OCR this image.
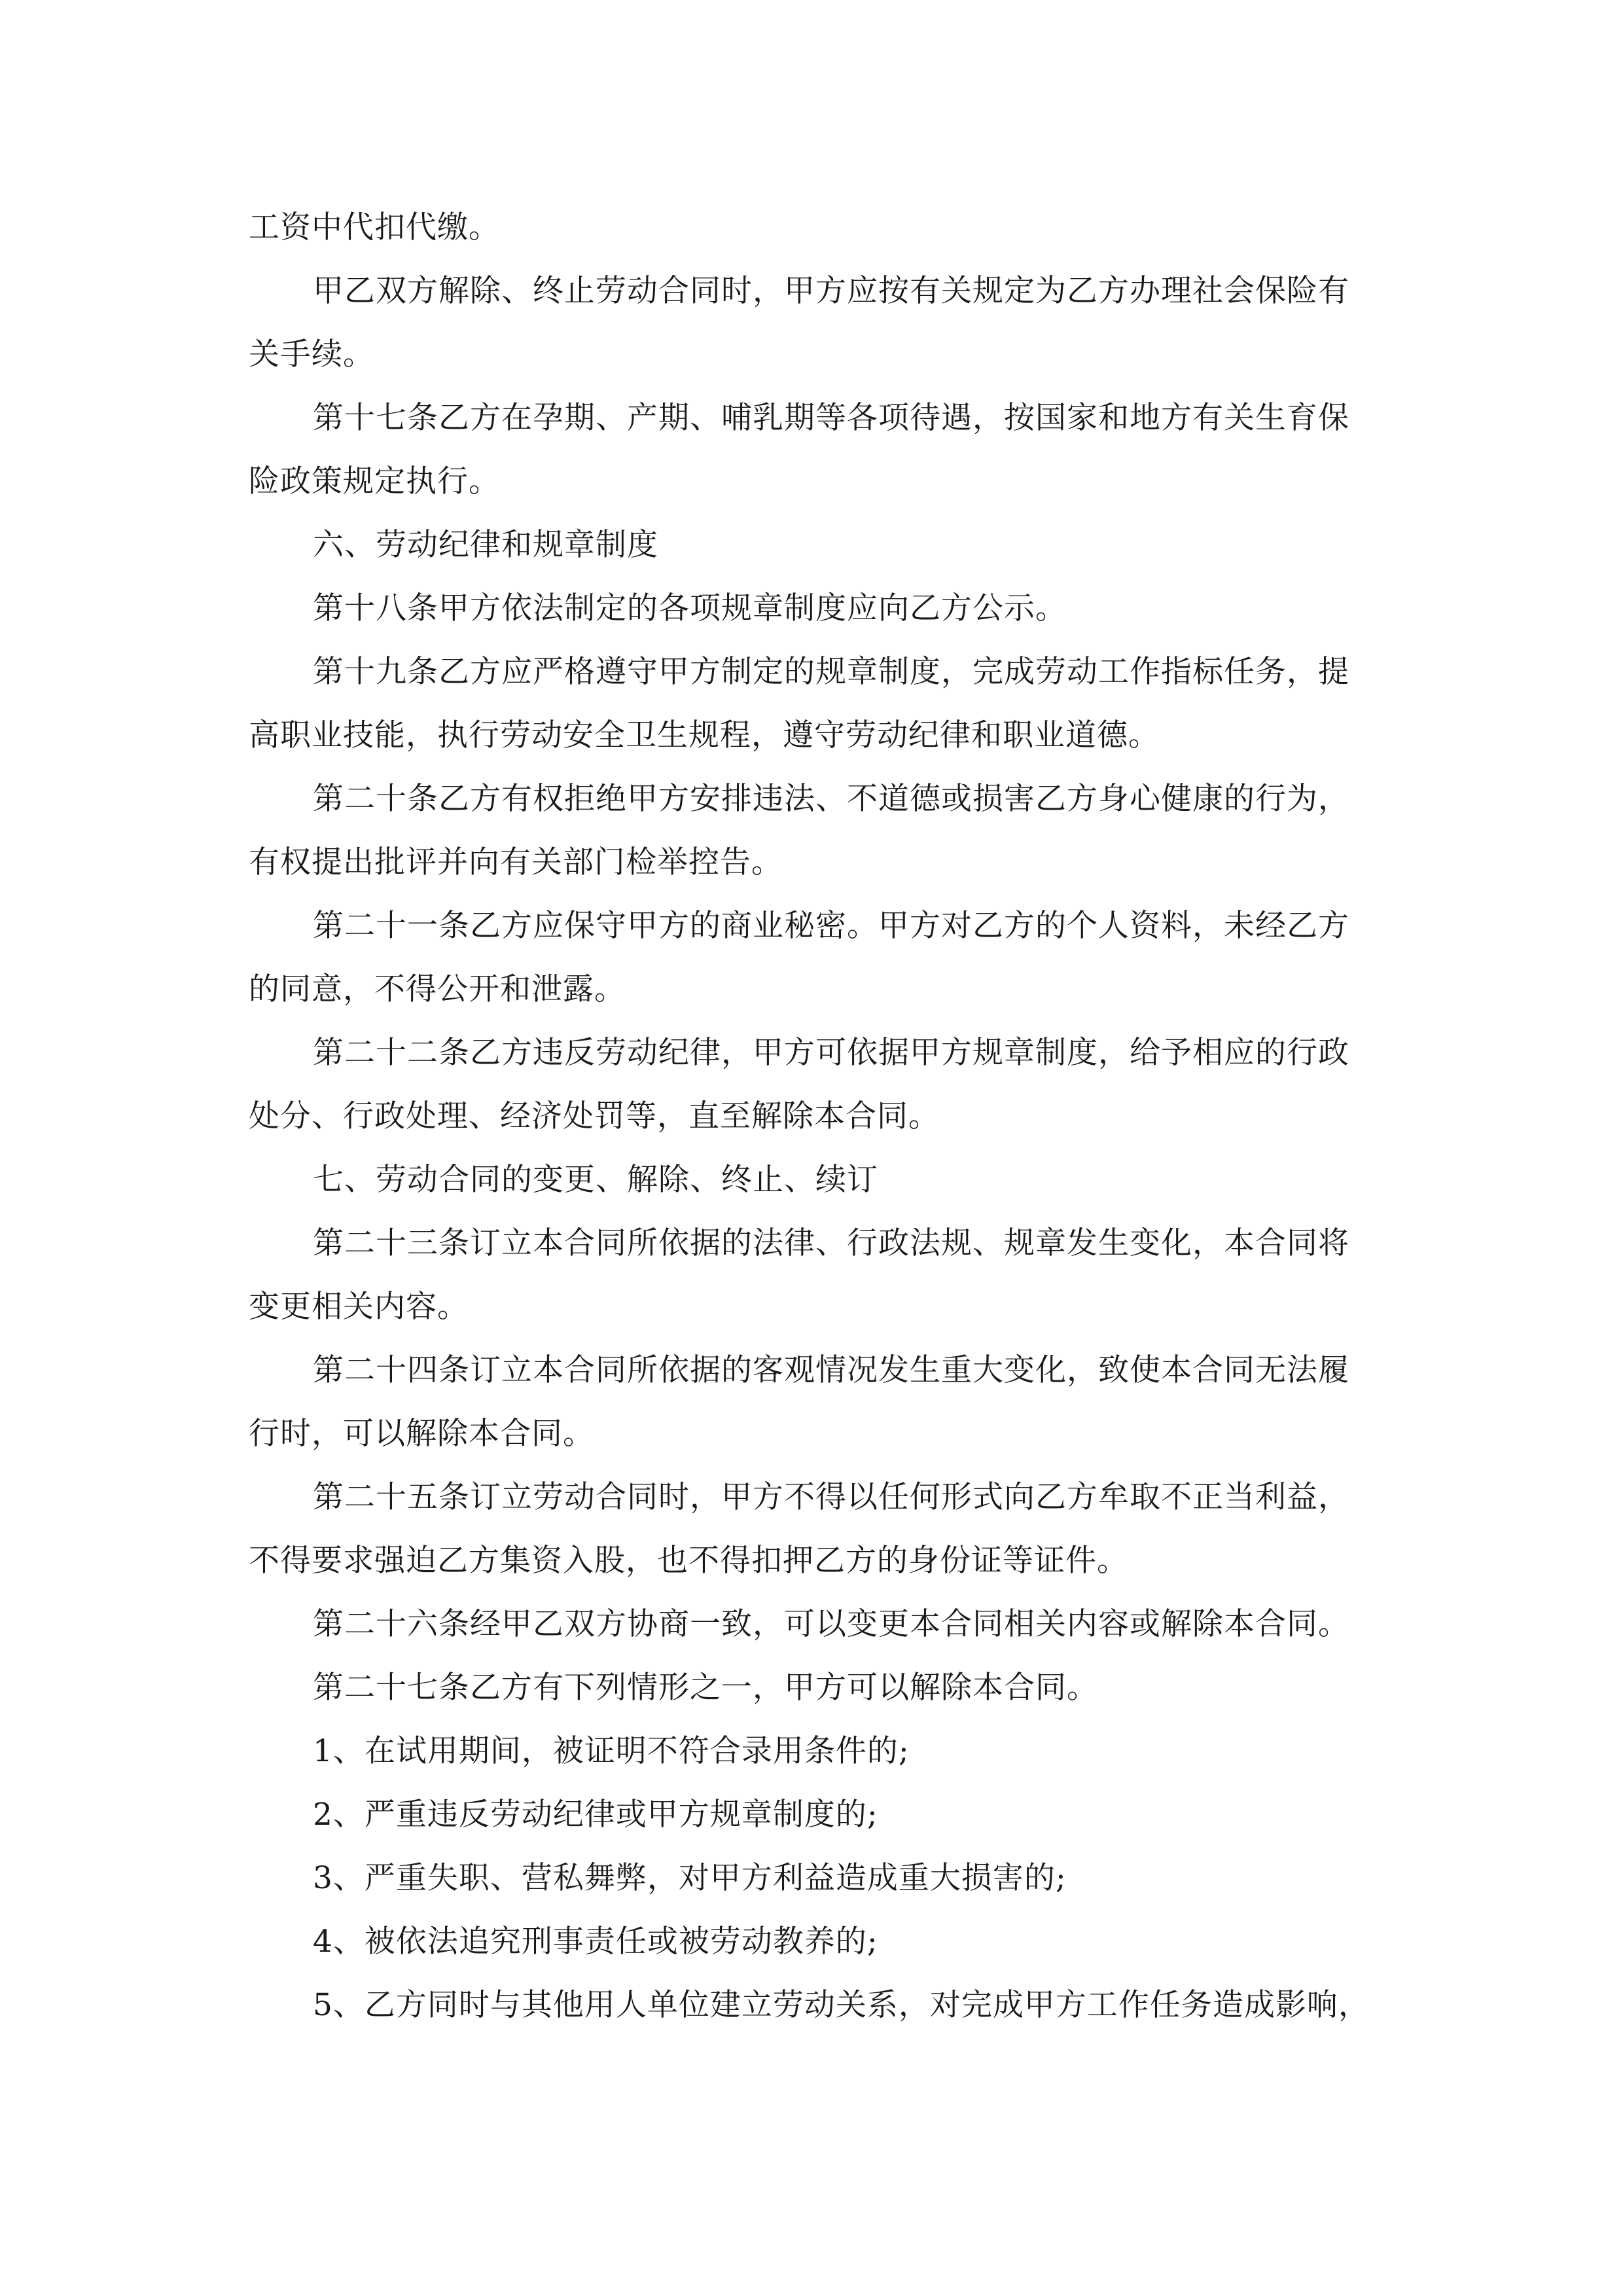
工资中代扣代缴。
甲乙双方解除、终止劳动合同时，甲方应按有关规定为乙方办理社会保险有
关手续。
第十七条乙方在孕期、产期、哺乳期等各项待遇，按国家和地方有关生育保
险政策规定执行。
六、劳动纪律和规章制度
第十八条甲方依法制定的各项规章制度应向乙方公示。
第十九条乙方应严格遵守甲方制定的规章制度，完成劳动工作指标任务，提
高职业技能，执行劳动安全卫生规程，遵守劳动纪律和职业道德。
第二十条乙方有权拒绝甲方安排违法、不道德或损害乙方身心健康的行为，
有权提出批评并向有关部门检举控告。
第二十一条乙方应保守甲方的商业秘密。甲方对乙方的个人资料，未经乙方
的同意，不得公开和泄露。
第二十二条乙方违反劳动纪律，甲方可依据甲方规章制度，给予相应的行政
处分、行政处理、经济处罚等，直至解除本合同。
七、劳动合同的变更、解除、终止、续订
第二十三条订立本合同所依据的法律、行政法规、规章发生变化，本合同将
变更相关内容。
第二十四条订立本合同所依据的客观情况发生重大变化，致使本合同无法履
行时，可以解除本合同。
第二十五条订立劳动合同时，甲方不得以任何形式向乙方牟取不正当利益，
不得要求强迫乙方集资入股，也不得扣押乙方的身份证等证件。
第二十六条经甲乙双方协商一致，可以变更本合同相关内容或解除本合同。
第二十七条乙方有下列情形之一，甲方可以解除本合同。
1、在试用期间，被证明不符合录用条件的;
2、严重违反劳动纪律或甲方规章制度的;
3、严重失职、营私舞弊，对甲方利益造成重大损害的;
4、被依法追究刑事责任或被劳动教养的;
5、乙方同时与其他用人单位建立劳动关系，对完成甲方工作任务造成影响，
